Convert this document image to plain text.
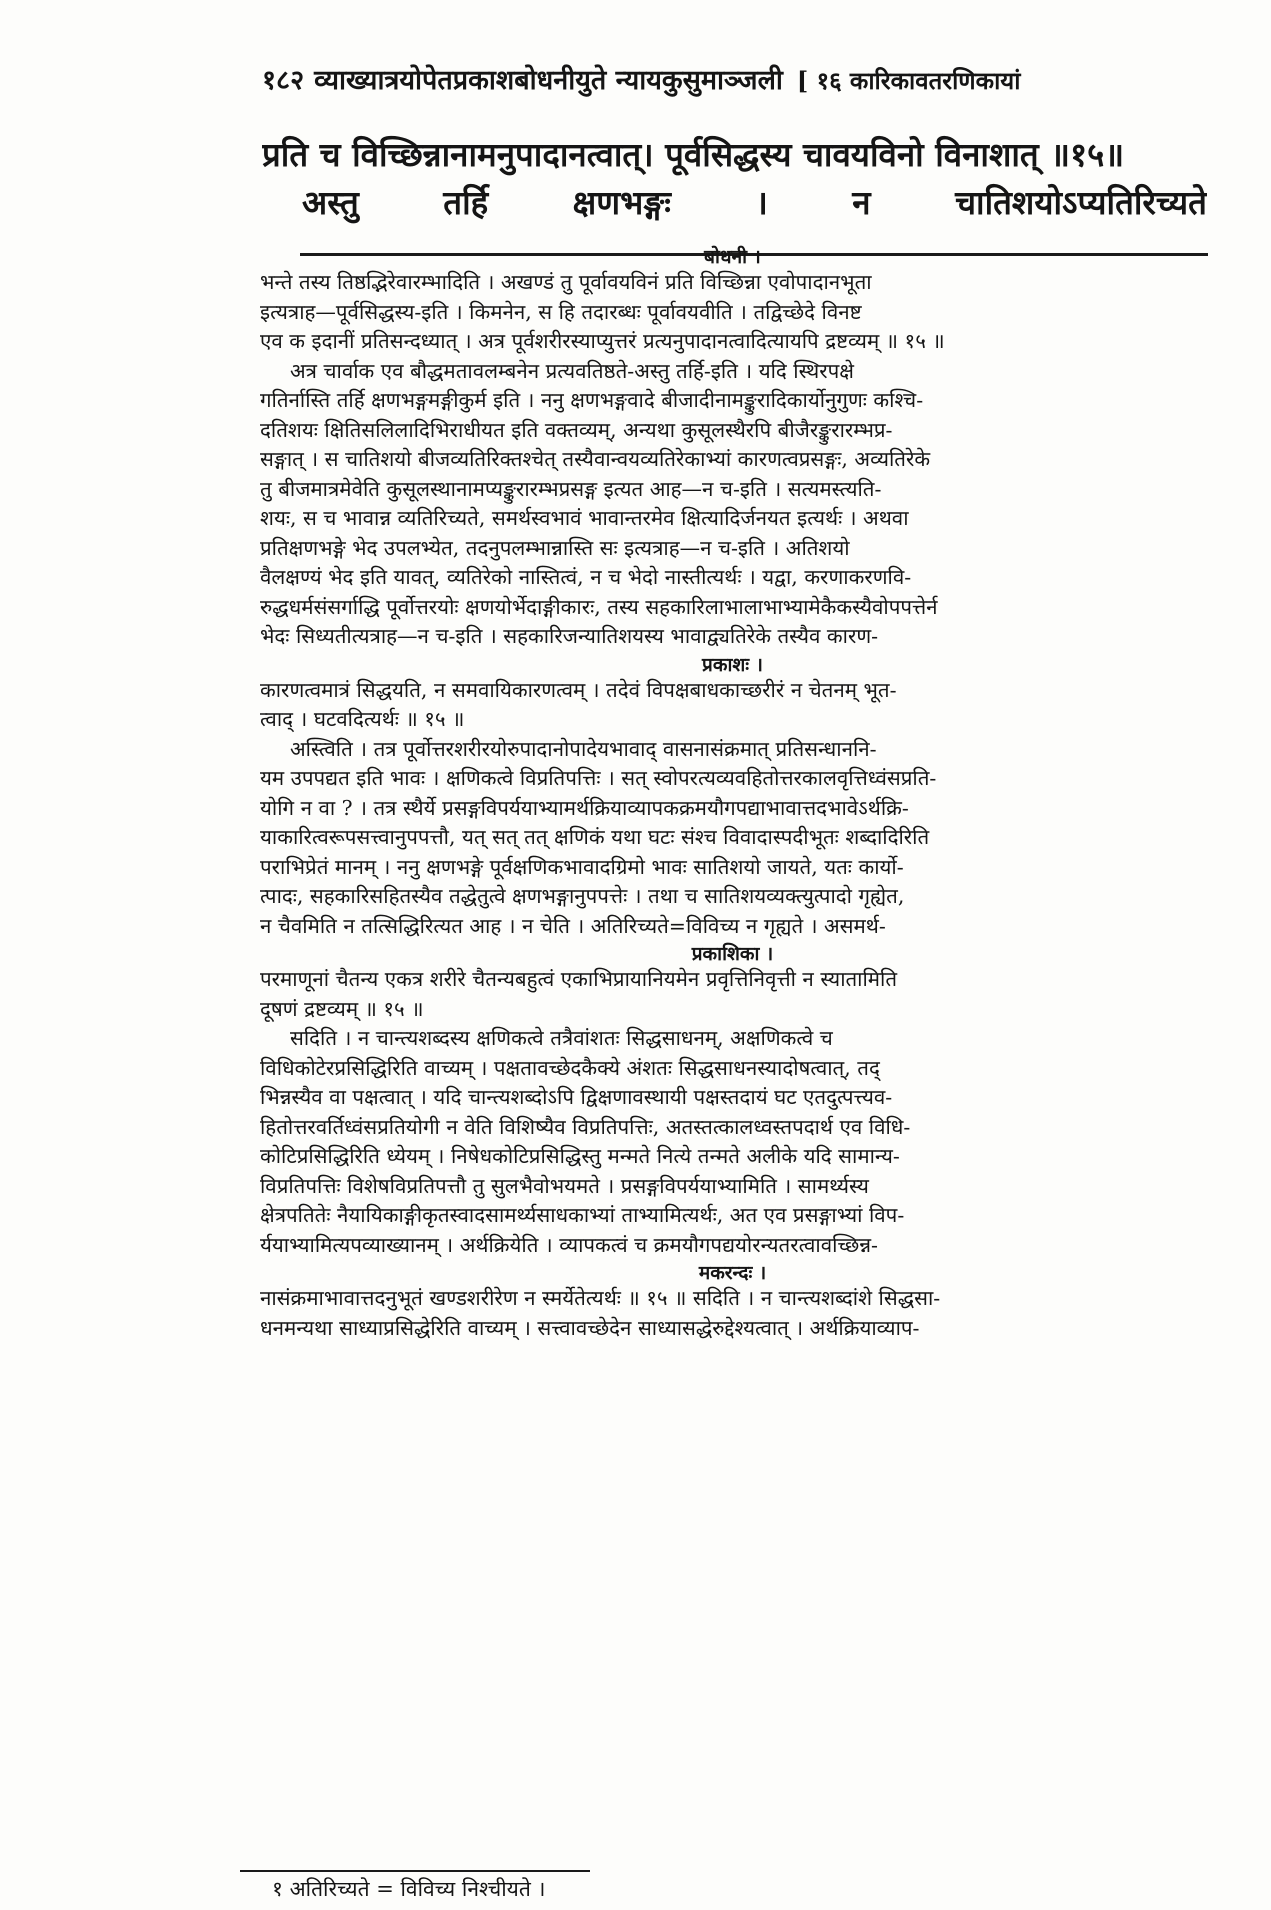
१८२ व्याख्यात्रयोपेतप्रकाशबोधनीयुते न्यायकुसुमाञ्जली [ १६ कारिकावतरणिकायां
प्रति च विच्छिन्नानामनुपादानत्वात्। पूर्वसिद्धस्य चावयविनो विनाशात् ॥१५॥
अस्तु	तर्हि	क्षणभङ्गः	।	न	चातिशयोऽप्यतिरिच्यते
बोधनी ।

भन्ते तस्य तिष्ठद्भिरेवारम्भादिति । अखण्डं तु पूर्वावयविनं प्रति विच्छिन्ना एवोपादानभूता

इत्यत्राह—पूर्वसिद्धस्य-इति । किमनेन, स हि तदारब्धः पूर्वावयवीति । तद्विच्छेदे विनष्ट

एव क इदानीं प्रतिसन्दध्यात् । अत्र पूर्वशरीरस्याप्युत्तरं प्रत्यनुपादानत्वादित्यायपि द्रष्टव्यम् ॥ १५ ॥

अत्र चार्वाक एव बौद्धमतावलम्बनेन प्रत्यवतिष्ठते-अस्तु तर्हि-इति । यदि स्थिरपक्षे

गतिर्नास्ति तर्हि क्षणभङ्गमङ्गीकुर्म इति । ननु क्षणभङ्गवादे बीजादीनामङ्कुरादिकार्योनुगुणः कश्चि-

दतिशयः क्षितिसलिलादिभिराधीयत इति वक्तव्यम्, अन्यथा कुसूलस्थैरपि बीजैरङ्कुरारम्भप्र-

सङ्गात् । स चातिशयो बीजव्यतिरिक्तश्चेत् तस्यैवान्वयव्यतिरेकाभ्यां कारणत्वप्रसङ्गः, अव्यतिरेके

तु बीजमात्रमेवेति कुसूलस्थानामप्यङ्कुरारम्भप्रसङ्ग इत्यत आह—न च-इति । सत्यमस्त्यति-

शयः, स च भावान्न व्यतिरिच्यते, समर्थस्वभावं भावान्तरमेव क्षित्यादिर्जनयत इत्यर्थः । अथवा

प्रतिक्षणभङ्गे भेद उपलभ्येत, तदनुपलम्भान्नास्ति सः इत्यत्राह—न च-इति । अतिशयो

वैलक्षण्यं भेद इति यावत्, व्यतिरेको नास्तित्वं, न च भेदो नास्तीत्यर्थः । यद्वा, करणाकरणवि-

रुद्धधर्मसंसर्गाद्धि पूर्वोत्तरयोः क्षणयोर्भेदाङ्गीकारः, तस्य सहकारिलाभालाभाभ्यामेकैकस्यैवोपपत्तेर्न

भेदः सिध्यतीत्यत्राह—न च-इति । सहकारिजन्यातिशयस्य भावाद्व्यतिरेके तस्यैव कारण-

प्रकाशः ।

कारणत्वमात्रं सिद्धयति, न समवायिकारणत्वम् । तदेवं विपक्षबाधकाच्छरीरं न चेतनम् भूत-

त्वाद् । घटवदित्यर्थः ॥ १५ ॥

अस्त्विति । तत्र पूर्वोत्तरशरीरयोरुपादानोपादेयभावाद् वासनासंक्रमात् प्रतिसन्धाननि-

यम उपपद्यत इति भावः । क्षणिकत्वे विप्रतिपत्तिः । सत् स्वोपरत्यव्यवहितोत्तरकालवृत्तिध्वंसप्रति-

योगि न वा ? । तत्र स्थैर्ये प्रसङ्गविपर्ययाभ्यामर्थक्रियाव्यापकक्रमयौगपद्याभावात्तदभावेऽर्थक्रि-

याकारित्वरूपसत्त्वानुपपत्तौ, यत् सत् तत् क्षणिकं यथा घटः संश्च विवादास्पदीभूतः शब्दादिरिति

पराभिप्रेतं मानम् । ननु क्षणभङ्गे पूर्वक्षणिकभावादग्रिमो भावः सातिशयो जायते, यतः कार्यो-

त्पादः, सहकारिसहितस्यैव तद्धेतुत्वे क्षणभङ्गानुपपत्तेः । तथा च सातिशयव्यक्त्युत्पादो गृह्येत,

न चैवमिति न तत्सिद्धिरित्यत आह । न चेति । अतिरिच्यते=विविच्य न गृह्यते । असमर्थ-

प्रकाशिका ।

परमाणूनां चैतन्य एकत्र शरीरे चैतन्यबहुत्वं एकाभिप्रायानियमेन प्रवृत्तिनिवृत्ती न स्यातामिति

दूषणं द्रष्टव्यम् ॥ १५ ॥

सदिति । न चान्त्यशब्दस्य क्षणिकत्वे तत्रैवांशतः सिद्धसाधनम्, अक्षणिकत्वे च

विधिकोटेरप्रसिद्धिरिति वाच्यम् । पक्षतावच्छेदकैक्ये अंशतः सिद्धसाधनस्यादोषत्वात्, तद्

भिन्नस्यैव वा पक्षत्वात् । यदि चान्त्यशब्दोऽपि द्विक्षणावस्थायी पक्षस्तदायं घट एतदुत्पत्त्यव-

हितोत्तरवर्तिध्वंसप्रतियोगी न वेति विशिष्यैव विप्रतिपत्तिः, अतस्तत्कालध्वस्तपदार्थ एव विधि-

कोटिप्रसिद्धिरिति ध्येयम् । निषेधकोटिप्रसिद्धिस्तु मन्मते नित्ये तन्मते अलीके यदि सामान्य-

विप्रतिपत्तिः विशेषविप्रतिपत्तौ तु सुलभैवोभयमते । प्रसङ्गविपर्ययाभ्यामिति । सामर्थ्यस्य

क्षेत्रपतितेः नैयायिकाङ्गीकृतस्वादसामर्थ्यसाधकाभ्यां ताभ्यामित्यर्थः, अत एव प्रसङ्गाभ्यां विप-

र्ययाभ्यामित्यपव्याख्यानम् । अर्थक्रियेति । व्यापकत्वं च क्रमयौगपद्ययोरन्यतरत्वावच्छिन्न-

मकरन्दः ।

नासंक्रमाभावात्तदनुभूतं खण्डशरीरेण न स्मर्येतेत्यर्थः ॥ १५ ॥ सदिति । न चान्त्यशब्दांशे सिद्धसा-

धनमन्यथा साध्याप्रसिद्धेरिति वाच्यम् । सत्त्वावच्छेदेन साध्यासद्धेरुद्देश्यत्वात् । अर्थक्रियाव्याप-

१ अतिरिच्यते = विविच्य निश्चीयते ।
